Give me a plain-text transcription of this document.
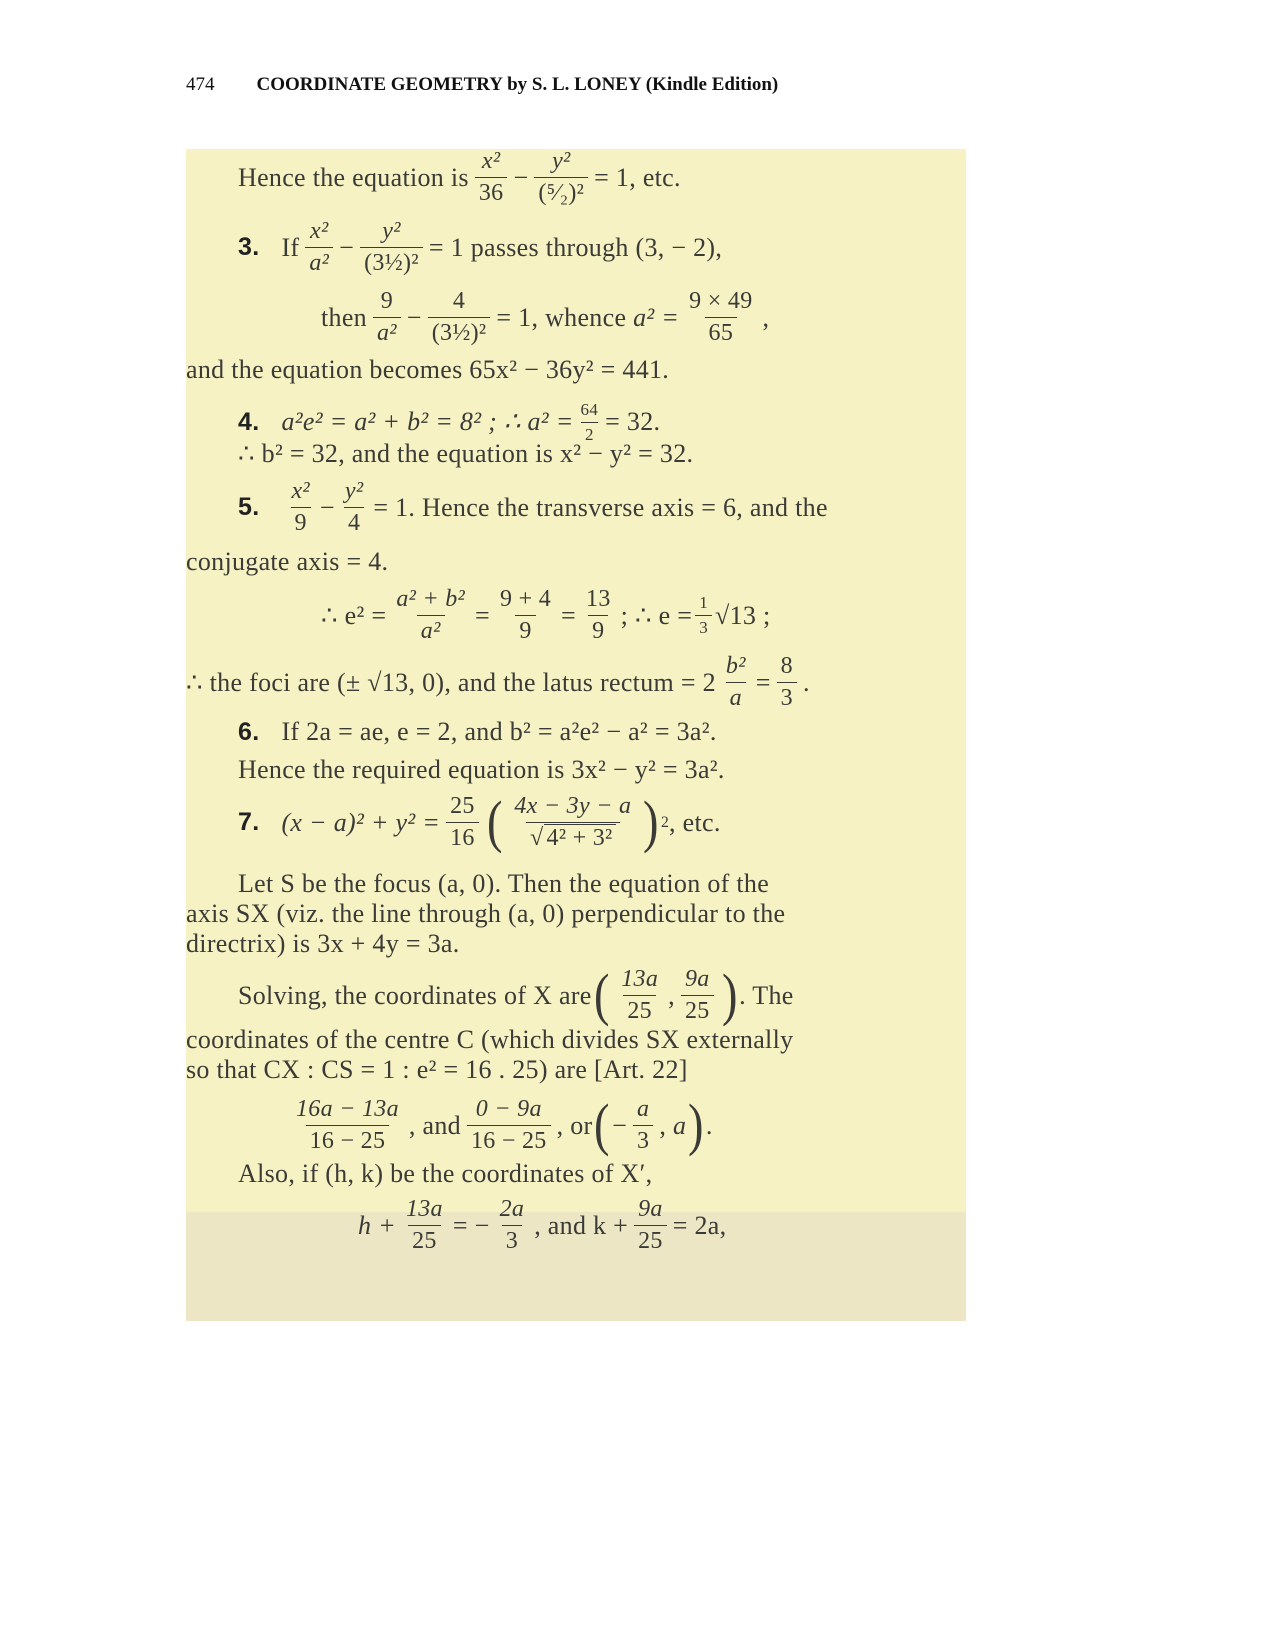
474 COORDINATE GEOMETRY by S. L. LONEY (Kindle Edition)
Hence the equation is $\frac{\text{x²}}{36} - \frac{\text{y²}}{\text{(⁵⁄₂)²}} = 1$, etc.
3. If $\frac{\text{x²}}{\text{a²}} - \frac{\text{y²}}{\text{(3½)²}} = 1$ passes through (3, − 2),
then $\frac{9}{\text{a²}} - \frac{4}{\text{(3½)²}} = 1$, whence
$a^2 = \frac{9 \times 49}{65}$ ,
and the equation becomes 65x² − 36y² = 441.
4. a²e² = a² + b² = 8² ; ∴ $a^2 = \frac{64}{2} = 32$.
∴ b² = 32, and the equation is x² − y² = 32.
5. $\frac{\text{x²}}{9} - \frac{\text{y²}}{4} = 1$. Hence the transverse axis = 6, and the
conjugate axis = 4.
∴ $e^2 = \frac{\text{a² + b²}}{\text{a²}} = \frac{9 + 4}{9} = \frac{13}{9}$ ; ∴ $e = \frac{1}{3} √13$ ;
∴ the foci are (± √13, 0), and the latus rectum = $2 \frac{\text{b²}}{a} = \frac{8}{3}$ .
6. If 2a = ae, e = 2, and b² = a²e² − a² = 3a².
Hence the required equation is 3x² − y² = 3a².
7. $(x - a)^2 + y^2 = \frac{25}{16}$ ( $\frac{4x - 3y - a}{\text{√ 4² + 3²}}$ ) 2 , etc.
Let S be the focus (a, 0). Then the equation of the
axis SX (viz. the line through (a, 0) perpendicular to the
directrix) is 3x + 4y = 3a.
Solving, the coordinates of X are ( $\frac{13a}{25}$ , $\frac{9a}{25}$ ) . The
coordinates of the centre C (which divides SX externally
so that CX : CS = 1 : e² = 16 . 25) are [Art. 22]
$\frac{16a - 13a}{16 - 25}$ , and $\frac{0 - 9a}{16 - 25}$ , or ( − $\frac{a}{3}$ , a ) .
Also, if (h, k) be the coordinates of X′,
$h + \frac{13a}{25}$ = − $\frac{2a}{3}$ , and $k + \frac{9a}{25} = 2a$,
